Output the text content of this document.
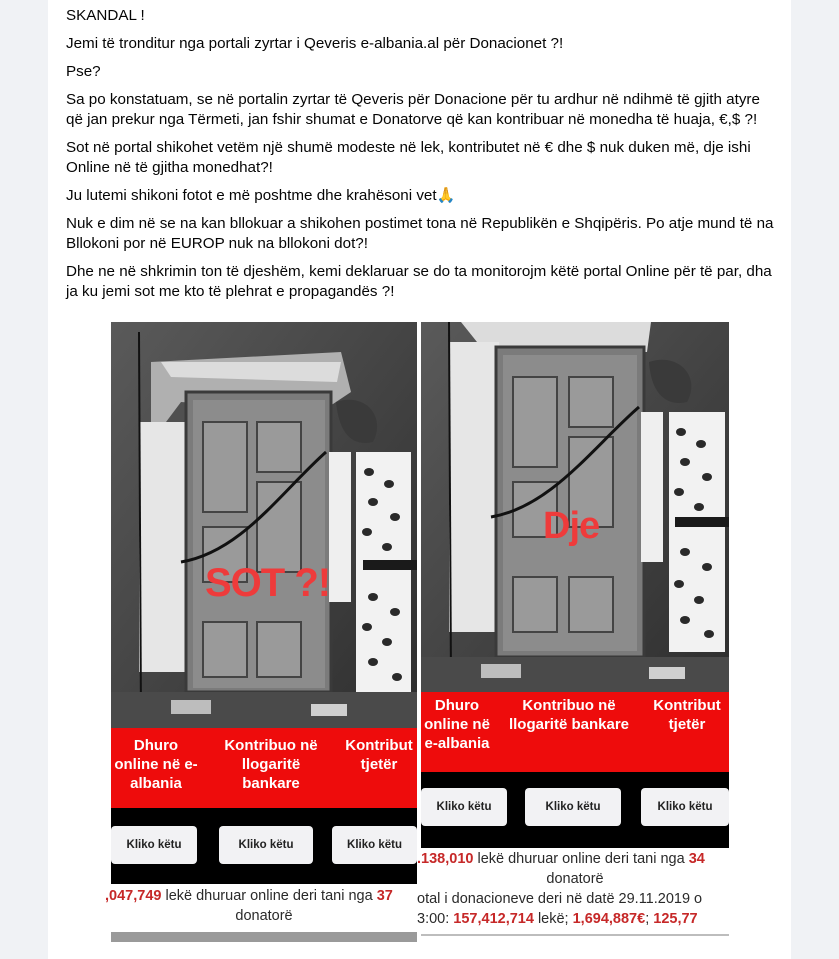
SKANDAL !

Jemi të tronditur nga portali zyrtar i Qeveris e-albania.al për Donacionet ?!

Pse?

Sa po konstatuam, se në portalin zyrtar të Qeveris për Donacione për tu ardhur në ndihmë të gjith atyre që jan prekur nga Tërmeti, jan fshir shumat e Donatorve që kan kontribuar në monedha të huaja, €,$ ?!

Sot në portal shikohet vetëm një shumë modeste në lek, kontributet në € dhe $ nuk duken më, dje ishi Online në të gjitha monedhat?!

Ju lutemi shikoni fotot e më poshtme dhe krahësoni vet🙏

Nuk e dim në se na kan bllokuar a shikohen postimet tona në Republikën e Shqipëris. Po atje mund të na Bllokoni por në EUROP nuk na bllokoni dot?!

Dhe ne në shkrimin ton të djeshëm, kemi deklaruar se do ta monitorojm këtë portal Online për të par, dha ja ku jemi sot me kto të plehrat e propagandës ?!

SOT ?!
Dhuro online në e-albania
Kontribuo në llogaritë bankare
Kontribut tjetër
Kliko këtu	Kliko këtu	Kliko këtu
,047,749 lekë dhuruar online deri tani nga 37
donatorë
Dje
Dhuro online në e-albania
Kontribuo në llogaritë bankare
Kontribut tjetër
Kliko këtu	Kliko këtu	Kliko këtu
.138,010 lekë dhuruar online deri tani nga 34
donatorë
otal i donacioneve deri në datë 29.11.2019 o
3:00: 157,412,714 lekë; 1,694,887€; 125,77
